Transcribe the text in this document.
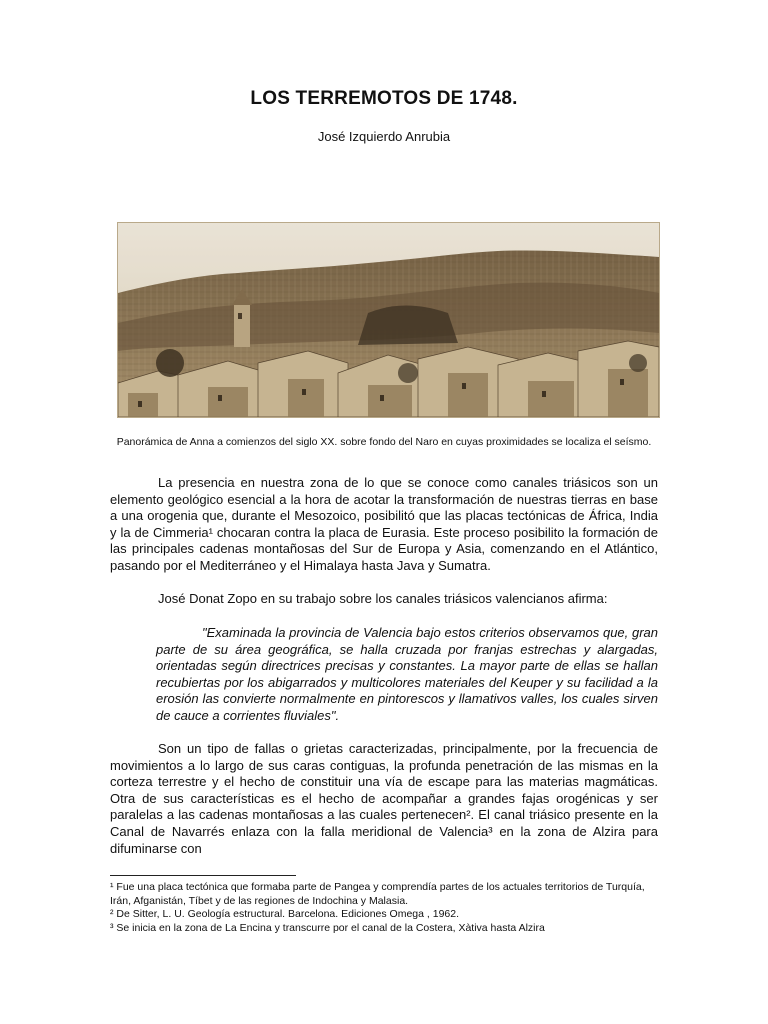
LOS TERREMOTOS DE 1748.
José Izquierdo Anrubia
Panorámica de Anna a comienzos del siglo XX. sobre fondo del Naro en cuyas proximidades se localiza el seísmo.

La presencia en nuestra zona de lo que se conoce como canales triásicos son un elemento geológico esencial a la hora de acotar la transformación de nuestras tierras en base a una orogenia que, durante el Mesozoico, posibilitó que las placas tectónicas de África, India y la de Cimmeria¹ chocaran contra la placa de Eurasia. Este proceso posibilito la formación de las principales cadenas montañosas del Sur de Europa y Asia, comenzando en el Atlántico, pasando por el Mediterráneo y el Himalaya hasta Java y Sumatra.

José Donat Zopo en su trabajo sobre los canales triásicos valencianos afirma:

"Examinada la provincia de Valencia bajo estos criterios observamos que, gran parte de su área geográfica, se halla cruzada por franjas estrechas y alargadas, orientadas según directrices precisas y constantes. La mayor parte de ellas se hallan recubiertas por los abigarrados y multicolores materiales del Keuper y su facilidad a la erosión las convierte normalmente en pintorescos y llamativos valles, los cuales sirven de cauce a corrientes fluviales".

Son un tipo de fallas o grietas caracterizadas, principalmente, por la frecuencia de movimientos a lo largo de sus caras contiguas, la profunda penetración de las mismas en la corteza terrestre y el hecho de constituir una vía de escape para las materias magmáticas. Otra de sus características es el hecho de acompañar a grandes fajas orogénicas y ser paralelas a las cadenas montañosas a las cuales pertenecen². El canal triásico presente en la Canal de Navarrés enlaza con la falla meridional de Valencia³ en la zona de Alzira para difuminarse con

¹ Fue una placa tectónica que formaba parte de Pangea y comprendía partes de los actuales territorios de Turquía, Irán, Afganistán, Tíbet y de las regiones de Indochina y Malasia.

² De Sitter, L. U. Geología estructural. Barcelona. Ediciones Omega , 1962.

³ Se inicia en la zona de La Encina y transcurre por el canal de la Costera, Xàtiva hasta Alzira
